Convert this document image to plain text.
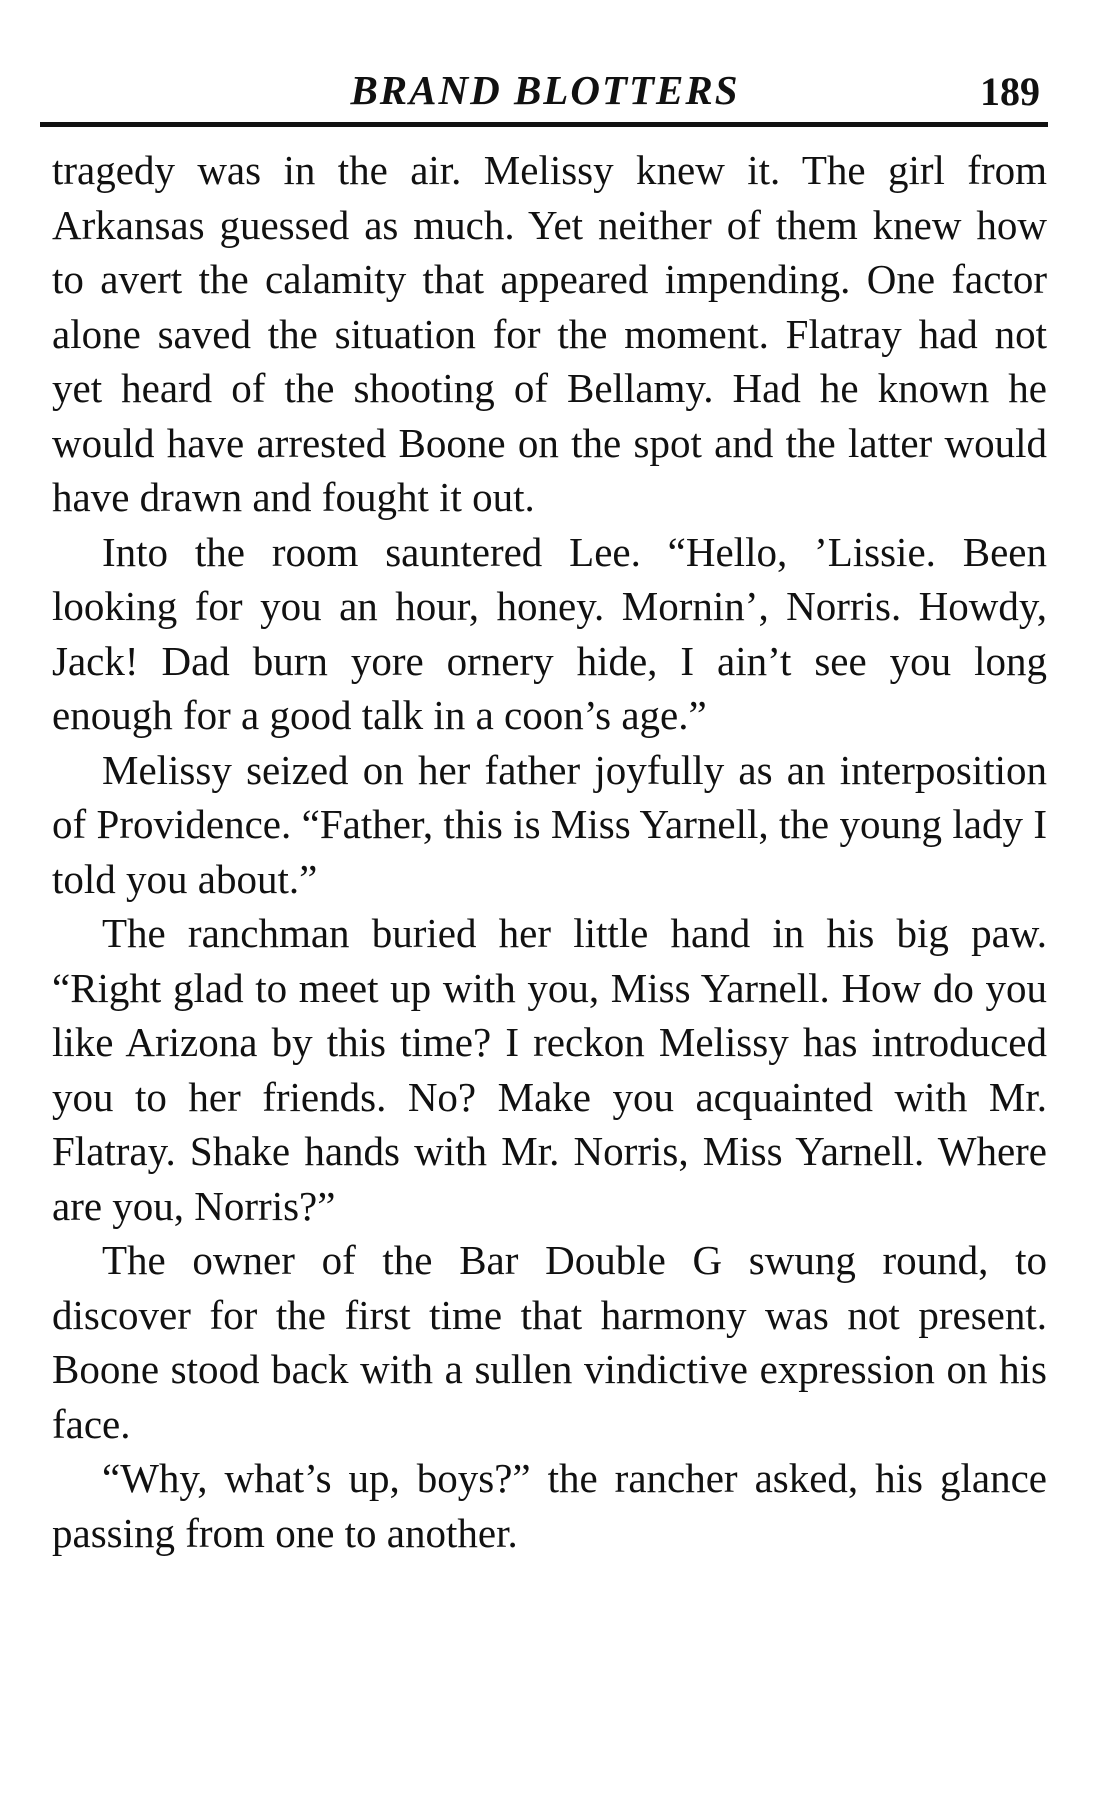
BRAND BLOTTERS	189

tragedy was in the air. Melissy knew it. The girl from Arkansas guessed as much. Yet neither of them knew how to avert the calamity that appeared impending. One factor alone saved the situation for the moment. Flatray had not yet heard of the shooting of Bellamy. Had he known he would have arrested Boone on the spot and the latter would have drawn and fought it out.

Into the room sauntered Lee. “Hello, ’Lissie. Been looking for you an hour, honey. Mornin’, Norris. Howdy, Jack! Dad burn yore ornery hide, I ain’t see you long enough for a good talk in a coon’s age.”

Melissy seized on her father joyfully as an interposition of Providence. “Father, this is Miss Yarnell, the young lady I told you about.”

The ranchman buried her little hand in his big paw. “Right glad to meet up with you, Miss Yarnell. How do you like Arizona by this time? I reckon Melissy has introduced you to her friends. No? Make you acquainted with Mr. Flatray. Shake hands with Mr. Norris, Miss Yarnell. Where are you, Norris?”

The owner of the Bar Double G swung round, to discover for the first time that harmony was not present. Boone stood back with a sullen vindictive expression on his face.

“Why, what’s up, boys?” the rancher asked, his glance passing from one to another.
